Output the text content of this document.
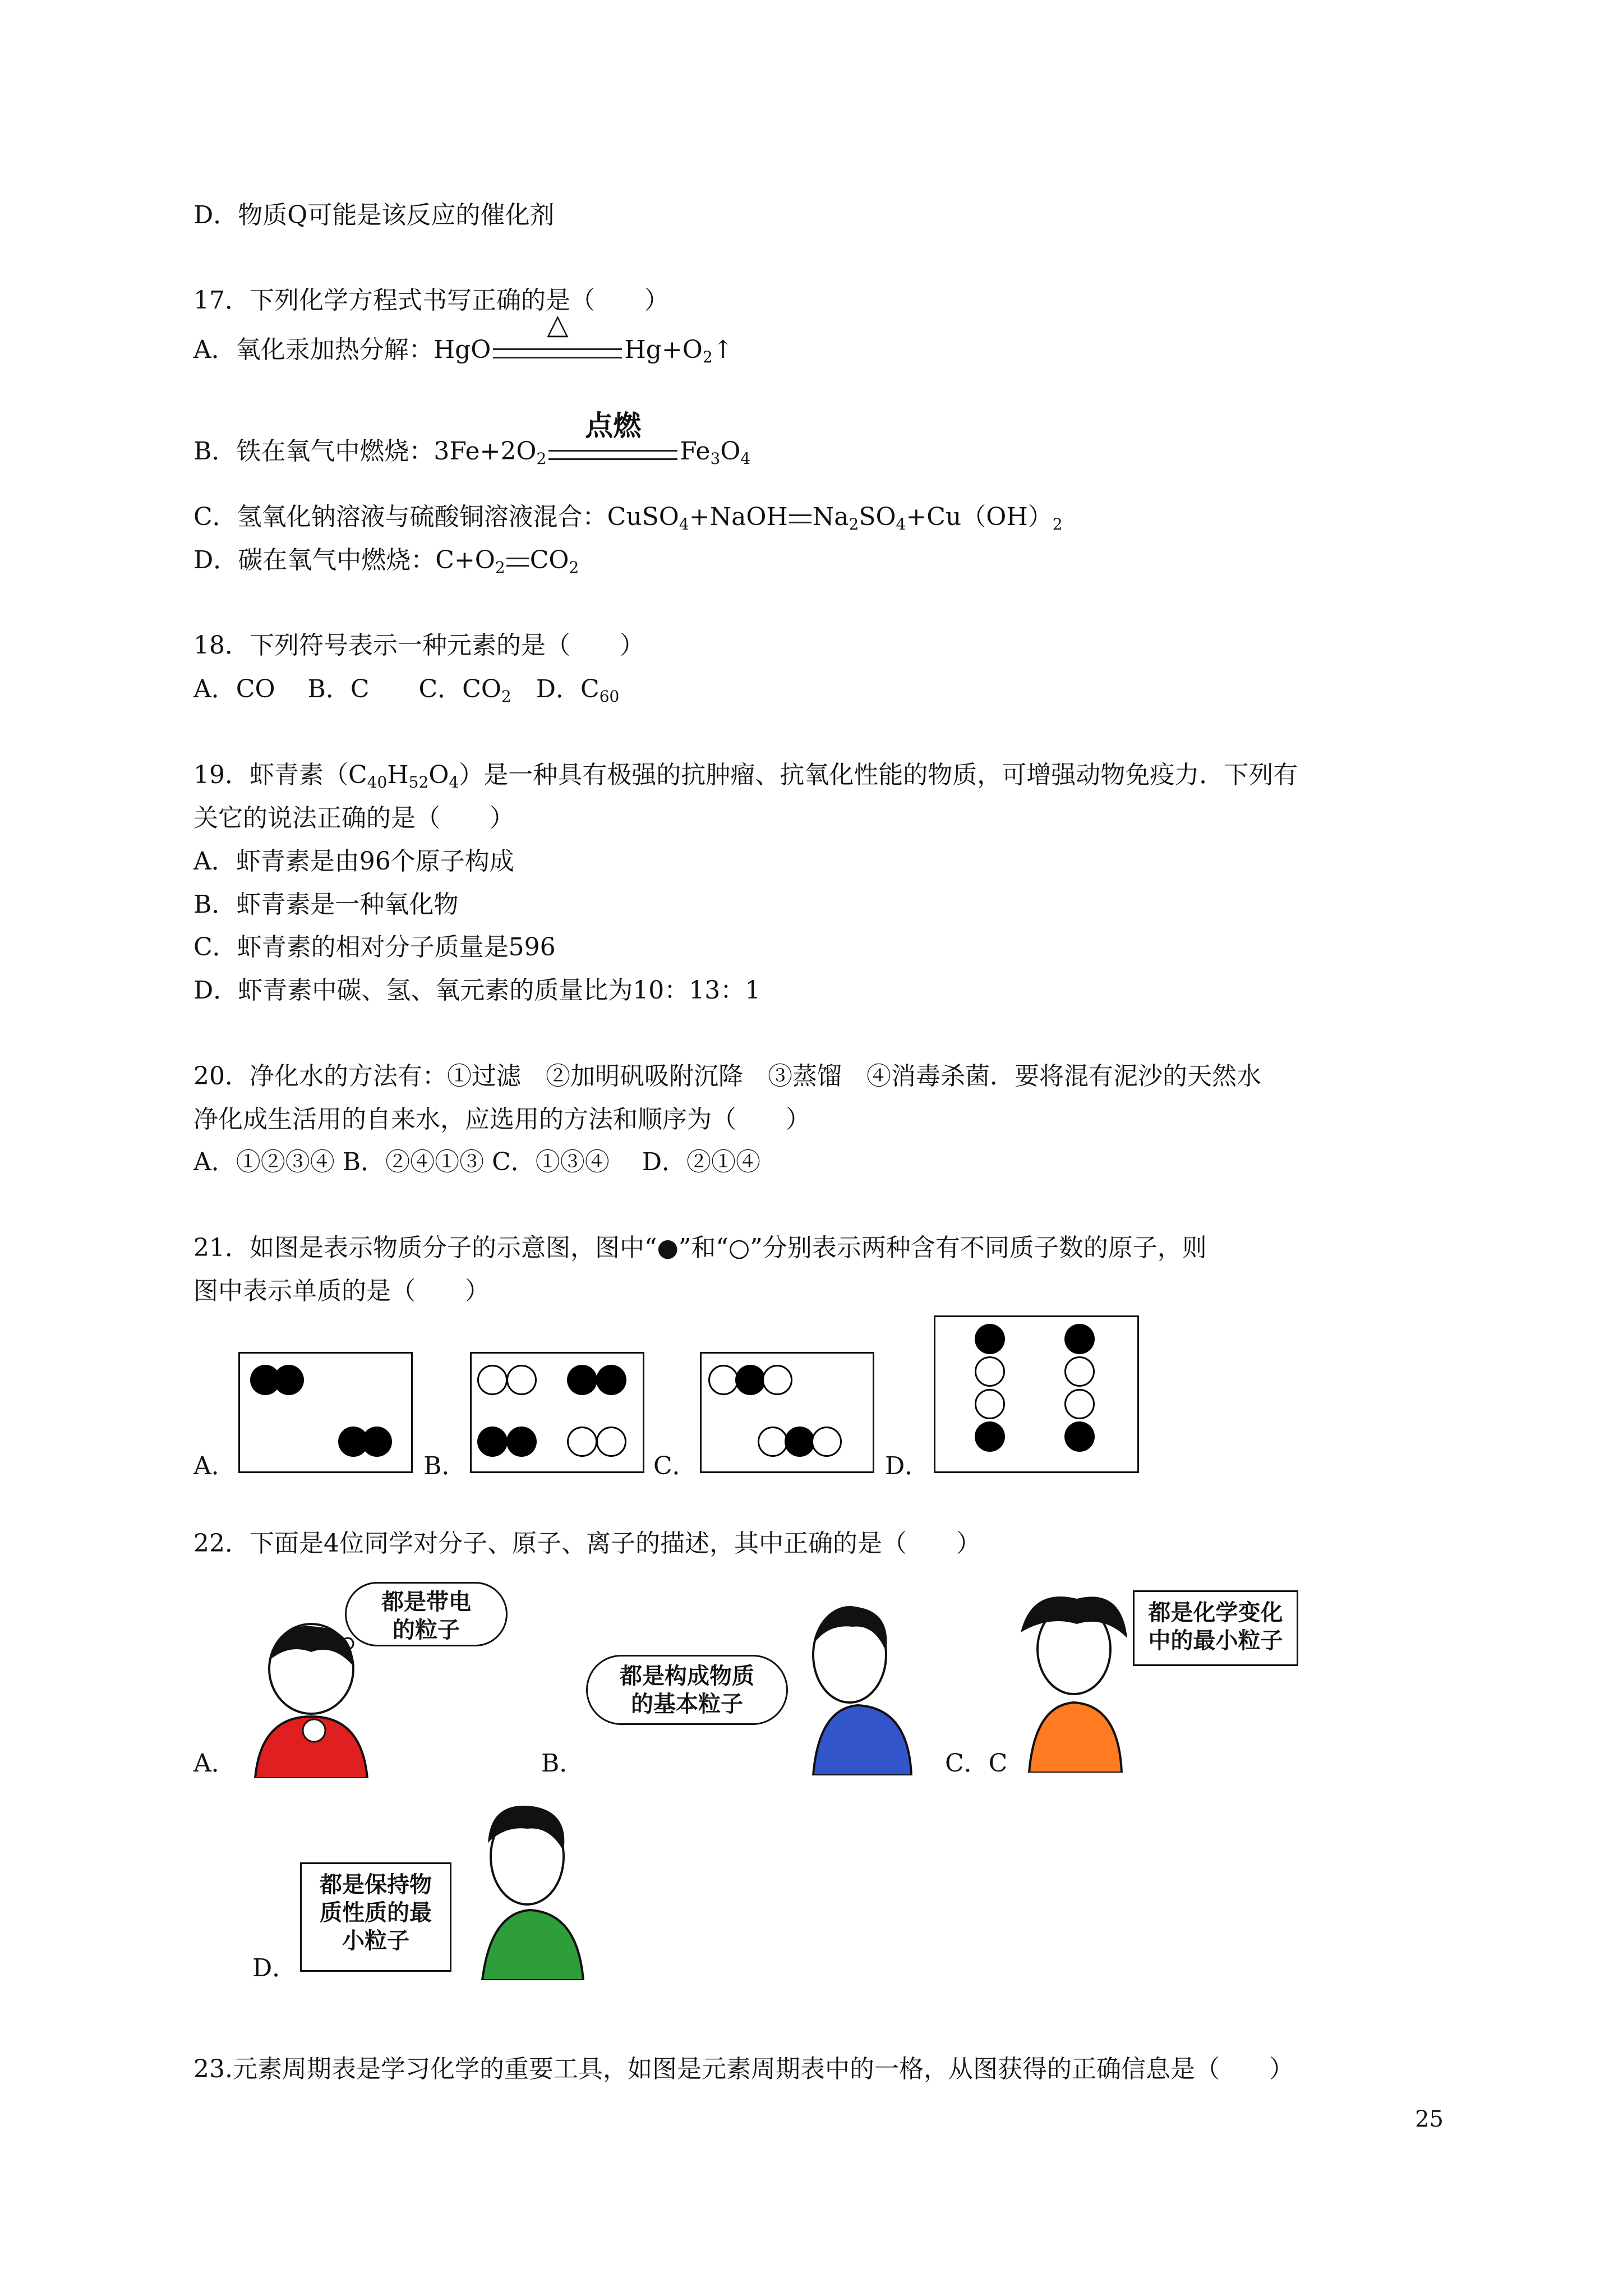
D．物质Q可能是该反应的催化剂
17．下列化学方程式书写正确的是（　　）
A．氧化汞加热分解：HgO
△
$Hg+O_2↑$
B．铁在氧气中燃烧：$3Fe+2O_2$
点燃
$Fe_3O_4$
C．氢氧化钠溶液与硫酸铜溶液混合：CuSO$_4$+NaOH $Na_2SO_4+Cu(OH)_2$
D．碳在氧气中燃烧：$C+O_2$ $CO_2$
18．下列符号表示一种元素的是（　　）
A．CO　 B．C　　C．$CO_2$　D．$C_{60}$
19．虾青素$(C_{40}H_{52}O_4)$是一种具有极强的抗肿瘤、抗氧化性能的物质，可增强动物免疫力．下列有
关它的说法正确的是（　　）
A．虾青素是由96个原子构成
B．虾青素是一种氧化物
C．虾青素的相对分子质量是596
D．虾青素中碳、氢、氧元素的质量比为10：13：1
20．净化水的方法有：①过滤　②加明矾吸附沉降　③蒸馏　④消毒杀菌．要将混有泥沙的天然水
净化成生活用的自来水，应选用的方法和顺序为（　　）
A．①②③④ B．②④①③ C．①③④　 D．②①④
21．如图是表示物质分子的示意图，图中“●”和“○”分别表示两种含有不同质子数的原子，则
图中表示单质的是（　　）
A．	B．	C．	D．
22．下面是4位同学对分子、原子、离子的描述，其中正确的是（　　）
A．
都是带电
的粒子
B．
都是构成物质
的基本粒子
C．C
都是化学变化
中的最小粒子
D．
都是保持物
质性质的最
小粒子
23.元素周期表是学习化学的重要工具，如图是元素周期表中的一格，从图获得的正确信息是（　　）
25
